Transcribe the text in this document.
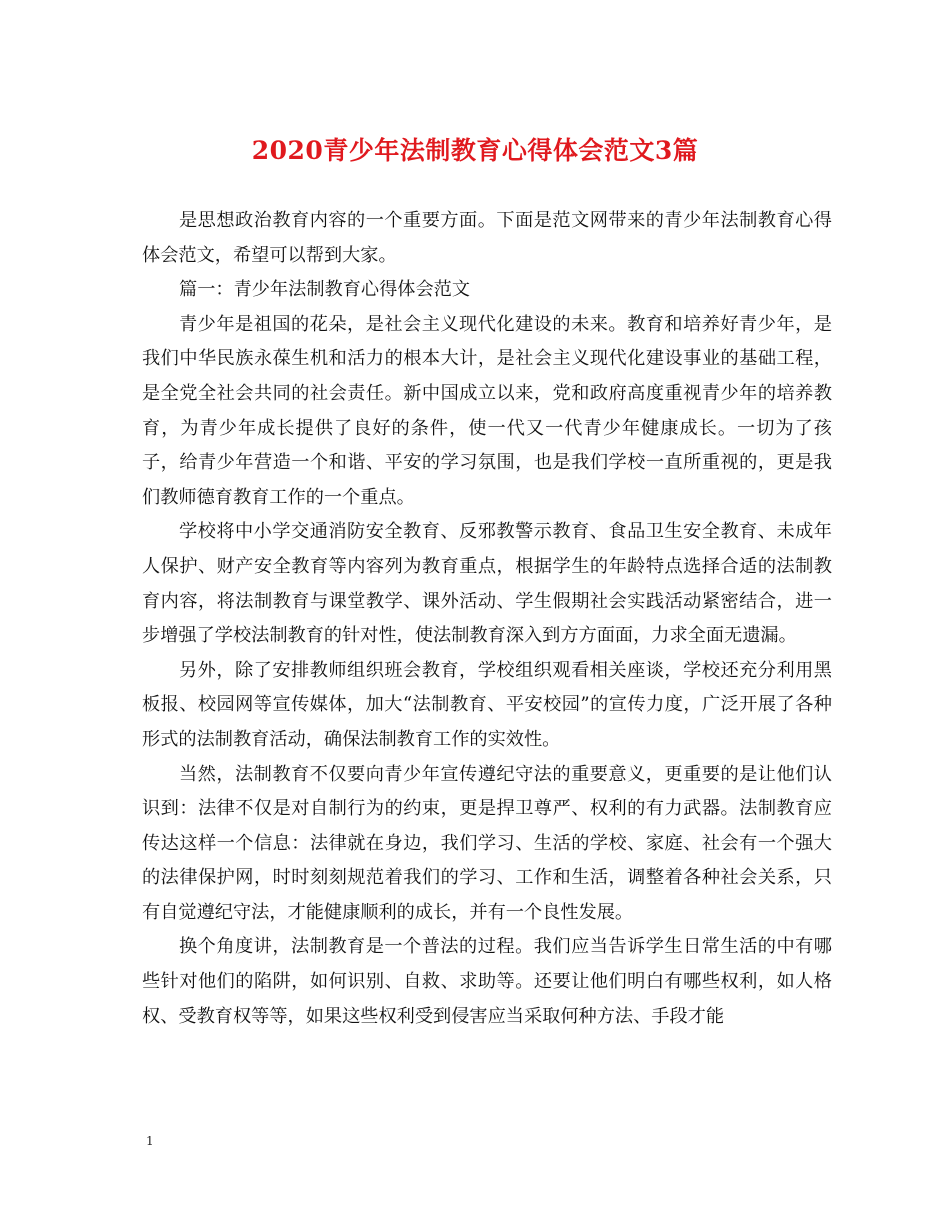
2020青少年法制教育心得体会范文3篇

是思想政治教育内容的一个重要方面。下面是范文网带来的青少年法制教育心得体会范文，希望可以帮到大家。

篇一：青少年法制教育心得体会范文

青少年是祖国的花朵，是社会主义现代化建设的未来。教育和培养好青少年，是我们中华民族永葆生机和活力的根本大计，是社会主义现代化建设事业的基础工程，是全党全社会共同的社会责任。新中国成立以来，党和政府高度重视青少年的培养教育，为青少年成长提供了良好的条件，使一代又一代青少年健康成长。一切为了孩子，给青少年营造一个和谐、平安的学习氛围，也是我们学校一直所重视的，更是我们教师德育教育工作的一个重点。

学校将中小学交通消防安全教育、反邪教警示教育、食品卫生安全教育、未成年人保护、财产安全教育等内容列为教育重点，根据学生的年龄特点选择合适的法制教育内容，将法制教育与课堂教学、课外活动、学生假期社会实践活动紧密结合，进一步增强了学校法制教育的针对性，使法制教育深入到方方面面，力求全面无遗漏。

另外，除了安排教师组织班会教育，学校组织观看相关座谈，学校还充分利用黑板报、校园网等宣传媒体，加大“法制教育、平安校园”的宣传力度，广泛开展了各种形式的法制教育活动，确保法制教育工作的实效性。

当然，法制教育不仅要向青少年宣传遵纪守法的重要意义，更重要的是让他们认识到：法律不仅是对自制行为的约束，更是捍卫尊严、权利的有力武器。法制教育应传达这样一个信息：法律就在身边，我们学习、生活的学校、家庭、社会有一个强大的法律保护网，时时刻刻规范着我们的学习、工作和生活，调整着各种社会关系，只有自觉遵纪守法，才能健康顺利的成长，并有一个良性发展。

换个角度讲，法制教育是一个普法的过程。我们应当告诉学生日常生活的中有哪些针对他们的陷阱，如何识别、自救、求助等。还要让他们明白有哪些权利，如人格权、受教育权等等，如果这些权利受到侵害应当采取何种方法、手段才能

1
